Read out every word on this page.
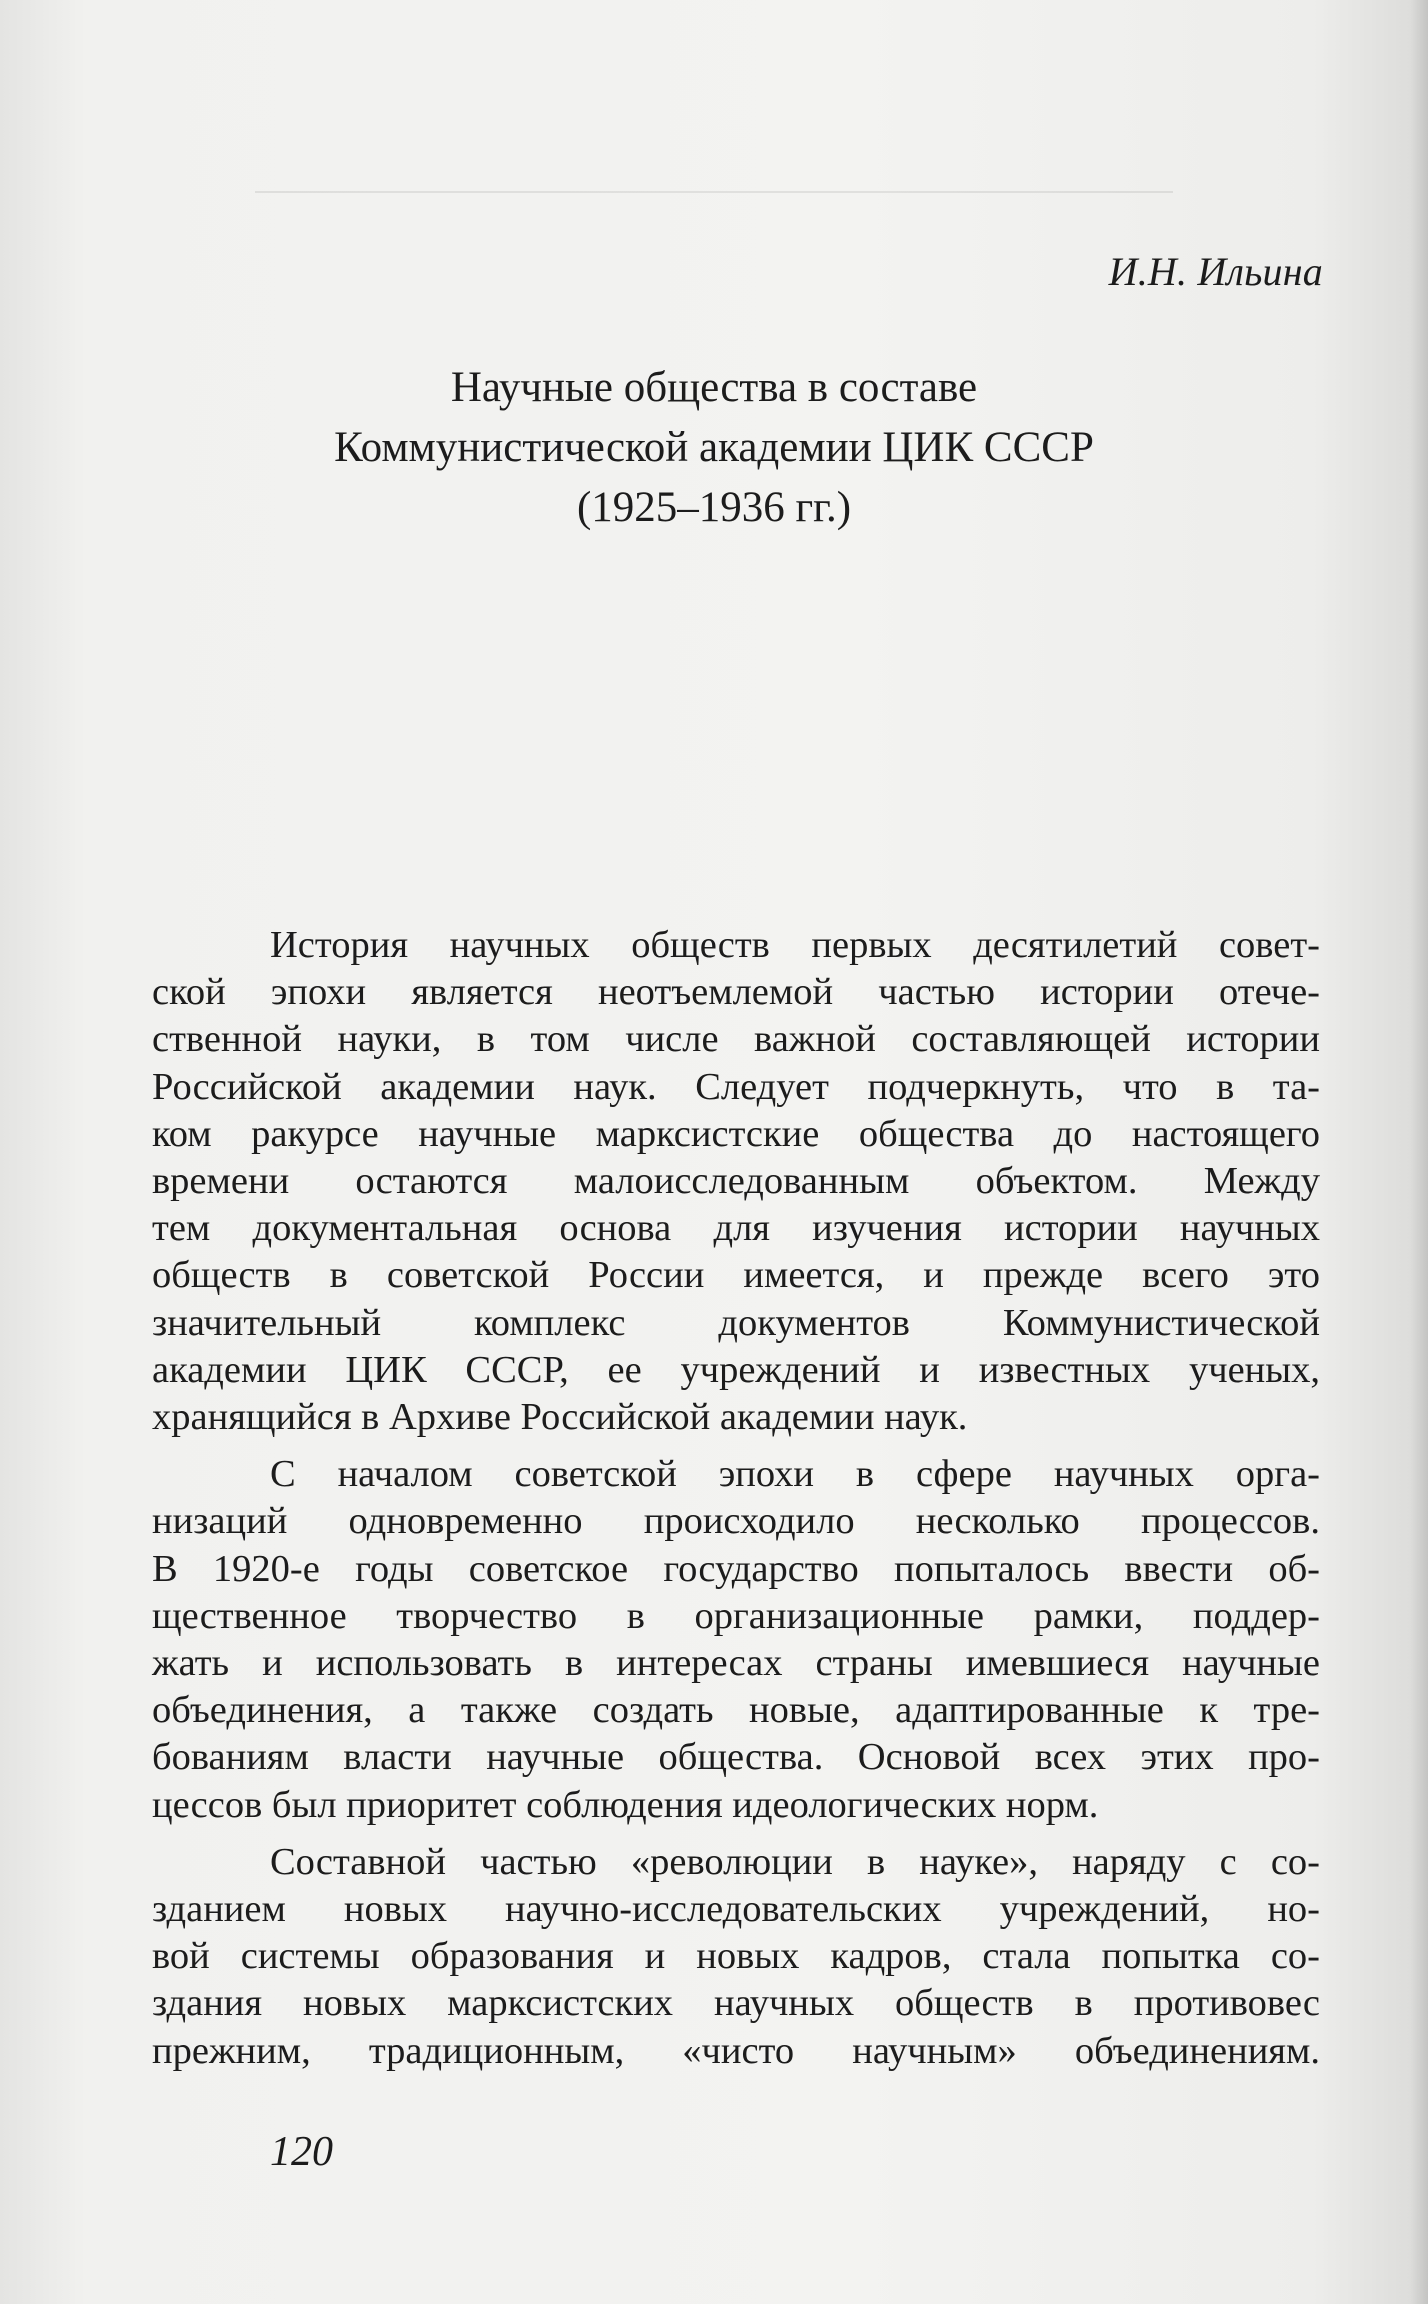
И.Н. Ильина
Научные общества в составе
Коммунистической академии ЦИК СССР
(1925–1936 гг.)
История научных обществ первых десятилетий совет-
ской эпохи является неотъемлемой частью истории отече-
ственной науки, в том числе важной составляющей истории
Российской академии наук. Следует подчеркнуть, что в та-
ком ракурсе научные марксистские общества до настоящего
времени остаются малоисследованным объектом. Между
тем документальная основа для изучения истории научных
обществ в советской России имеется, и прежде всего это
значительный комплекс документов Коммунистической
академии ЦИК СССР, ее учреждений и известных ученых,
хранящийся в Архиве Российской академии наук.
С началом советской эпохи в сфере научных орга-
низаций одновременно происходило несколько процессов.
В 1920-е годы советское государство попыталось ввести об-
щественное творчество в организационные рамки, поддер-
жать и использовать в интересах страны имевшиеся научные
объединения, а также создать новые, адаптированные к тре-
бованиям власти научные общества. Основой всех этих про-
цессов был приоритет соблюдения идеологических норм.
Составной частью «революции в науке», наряду с со-
зданием новых научно-исследовательских учреждений, но-
вой системы образования и новых кадров, стала попытка со-
здания новых марксистских научных обществ в противовес
прежним, традиционным, «чисто научным» объединениям.
120
